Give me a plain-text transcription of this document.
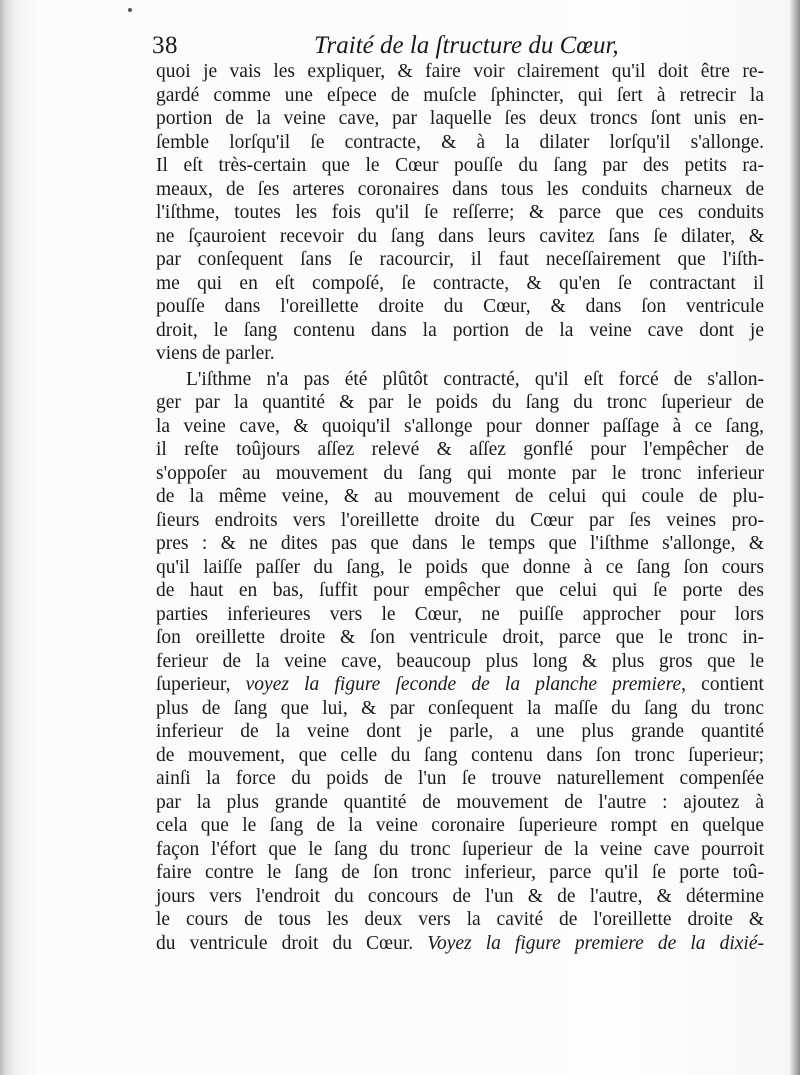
38	Traité de la ſtructure du Cœur,
quoi je vais les expliquer, & faire voir clairement qu'il doit être re-
gardé comme une eſpece de muſcle ſphincter, qui ſert à retrecir la
portion de la veine cave, par laquelle ſes deux troncs ſont unis en-
ſemble lorſqu'il ſe contracte, & à la dilater lorſqu'il s'allonge.
Il eſt très-certain que le Cœur pouſſe du ſang par des petits ra-
meaux, de ſes arteres coronaires dans tous les conduits charneux de
l'iſthme, toutes les fois qu'il ſe reſſerre; & parce que ces conduits
ne ſçauroient recevoir du ſang dans leurs cavitez ſans ſe dilater, &
par conſequent ſans ſe racourcir, il faut neceſſairement que l'iſth-
me qui en eſt compoſé, ſe contracte, & qu'en ſe contractant il
pouſſe dans l'oreillette droite du Cœur, & dans ſon ventricule
droit, le ſang contenu dans la portion de la veine cave dont je
viens de parler.
L'iſthme n'a pas été plûtôt contracté, qu'il eſt forcé de s'allon-
ger par la quantité & par le poids du ſang du tronc ſuperieur de
la veine cave, & quoiqu'il s'allonge pour donner paſſage à ce ſang,
il reſte toûjours aſſez relevé & aſſez gonflé pour l'empêcher de
s'oppoſer au mouvement du ſang qui monte par le tronc inferieur
de la même veine, & au mouvement de celui qui coule de plu-
ſieurs endroits vers l'oreillette droite du Cœur par ſes veines pro-
pres : & ne dites pas que dans le temps que l'iſthme s'allonge, &
qu'il laiſſe paſſer du ſang, le poids que donne à ce ſang ſon cours
de haut en bas, ſuffit pour empêcher que celui qui ſe porte des
parties inferieures vers le Cœur, ne puiſſe approcher pour lors
ſon oreillette droite & ſon ventricule droit, parce que le tronc in-
ferieur de la veine cave, beaucoup plus long & plus gros que le
ſuperieur, voyez la figure ſeconde de la planche premiere, contient
plus de ſang que lui, & par conſequent la maſſe du ſang du tronc
inferieur de la veine dont je parle, a une plus grande quantité
de mouvement, que celle du ſang contenu dans ſon tronc ſuperieur;
ainſi la force du poids de l'un ſe trouve naturellement compenſée
par la plus grande quantité de mouvement de l'autre : ajoutez à
cela que le ſang de la veine coronaire ſuperieure rompt en quelque
façon l'éfort que le ſang du tronc ſuperieur de la veine cave pourroit
faire contre le ſang de ſon tronc inferieur, parce qu'il ſe porte toû-
jours vers l'endroit du concours de l'un & de l'autre, & détermine
le cours de tous les deux vers la cavité de l'oreillette droite &
du ventricule droit du Cœur. Voyez la figure premiere de la dixié-
